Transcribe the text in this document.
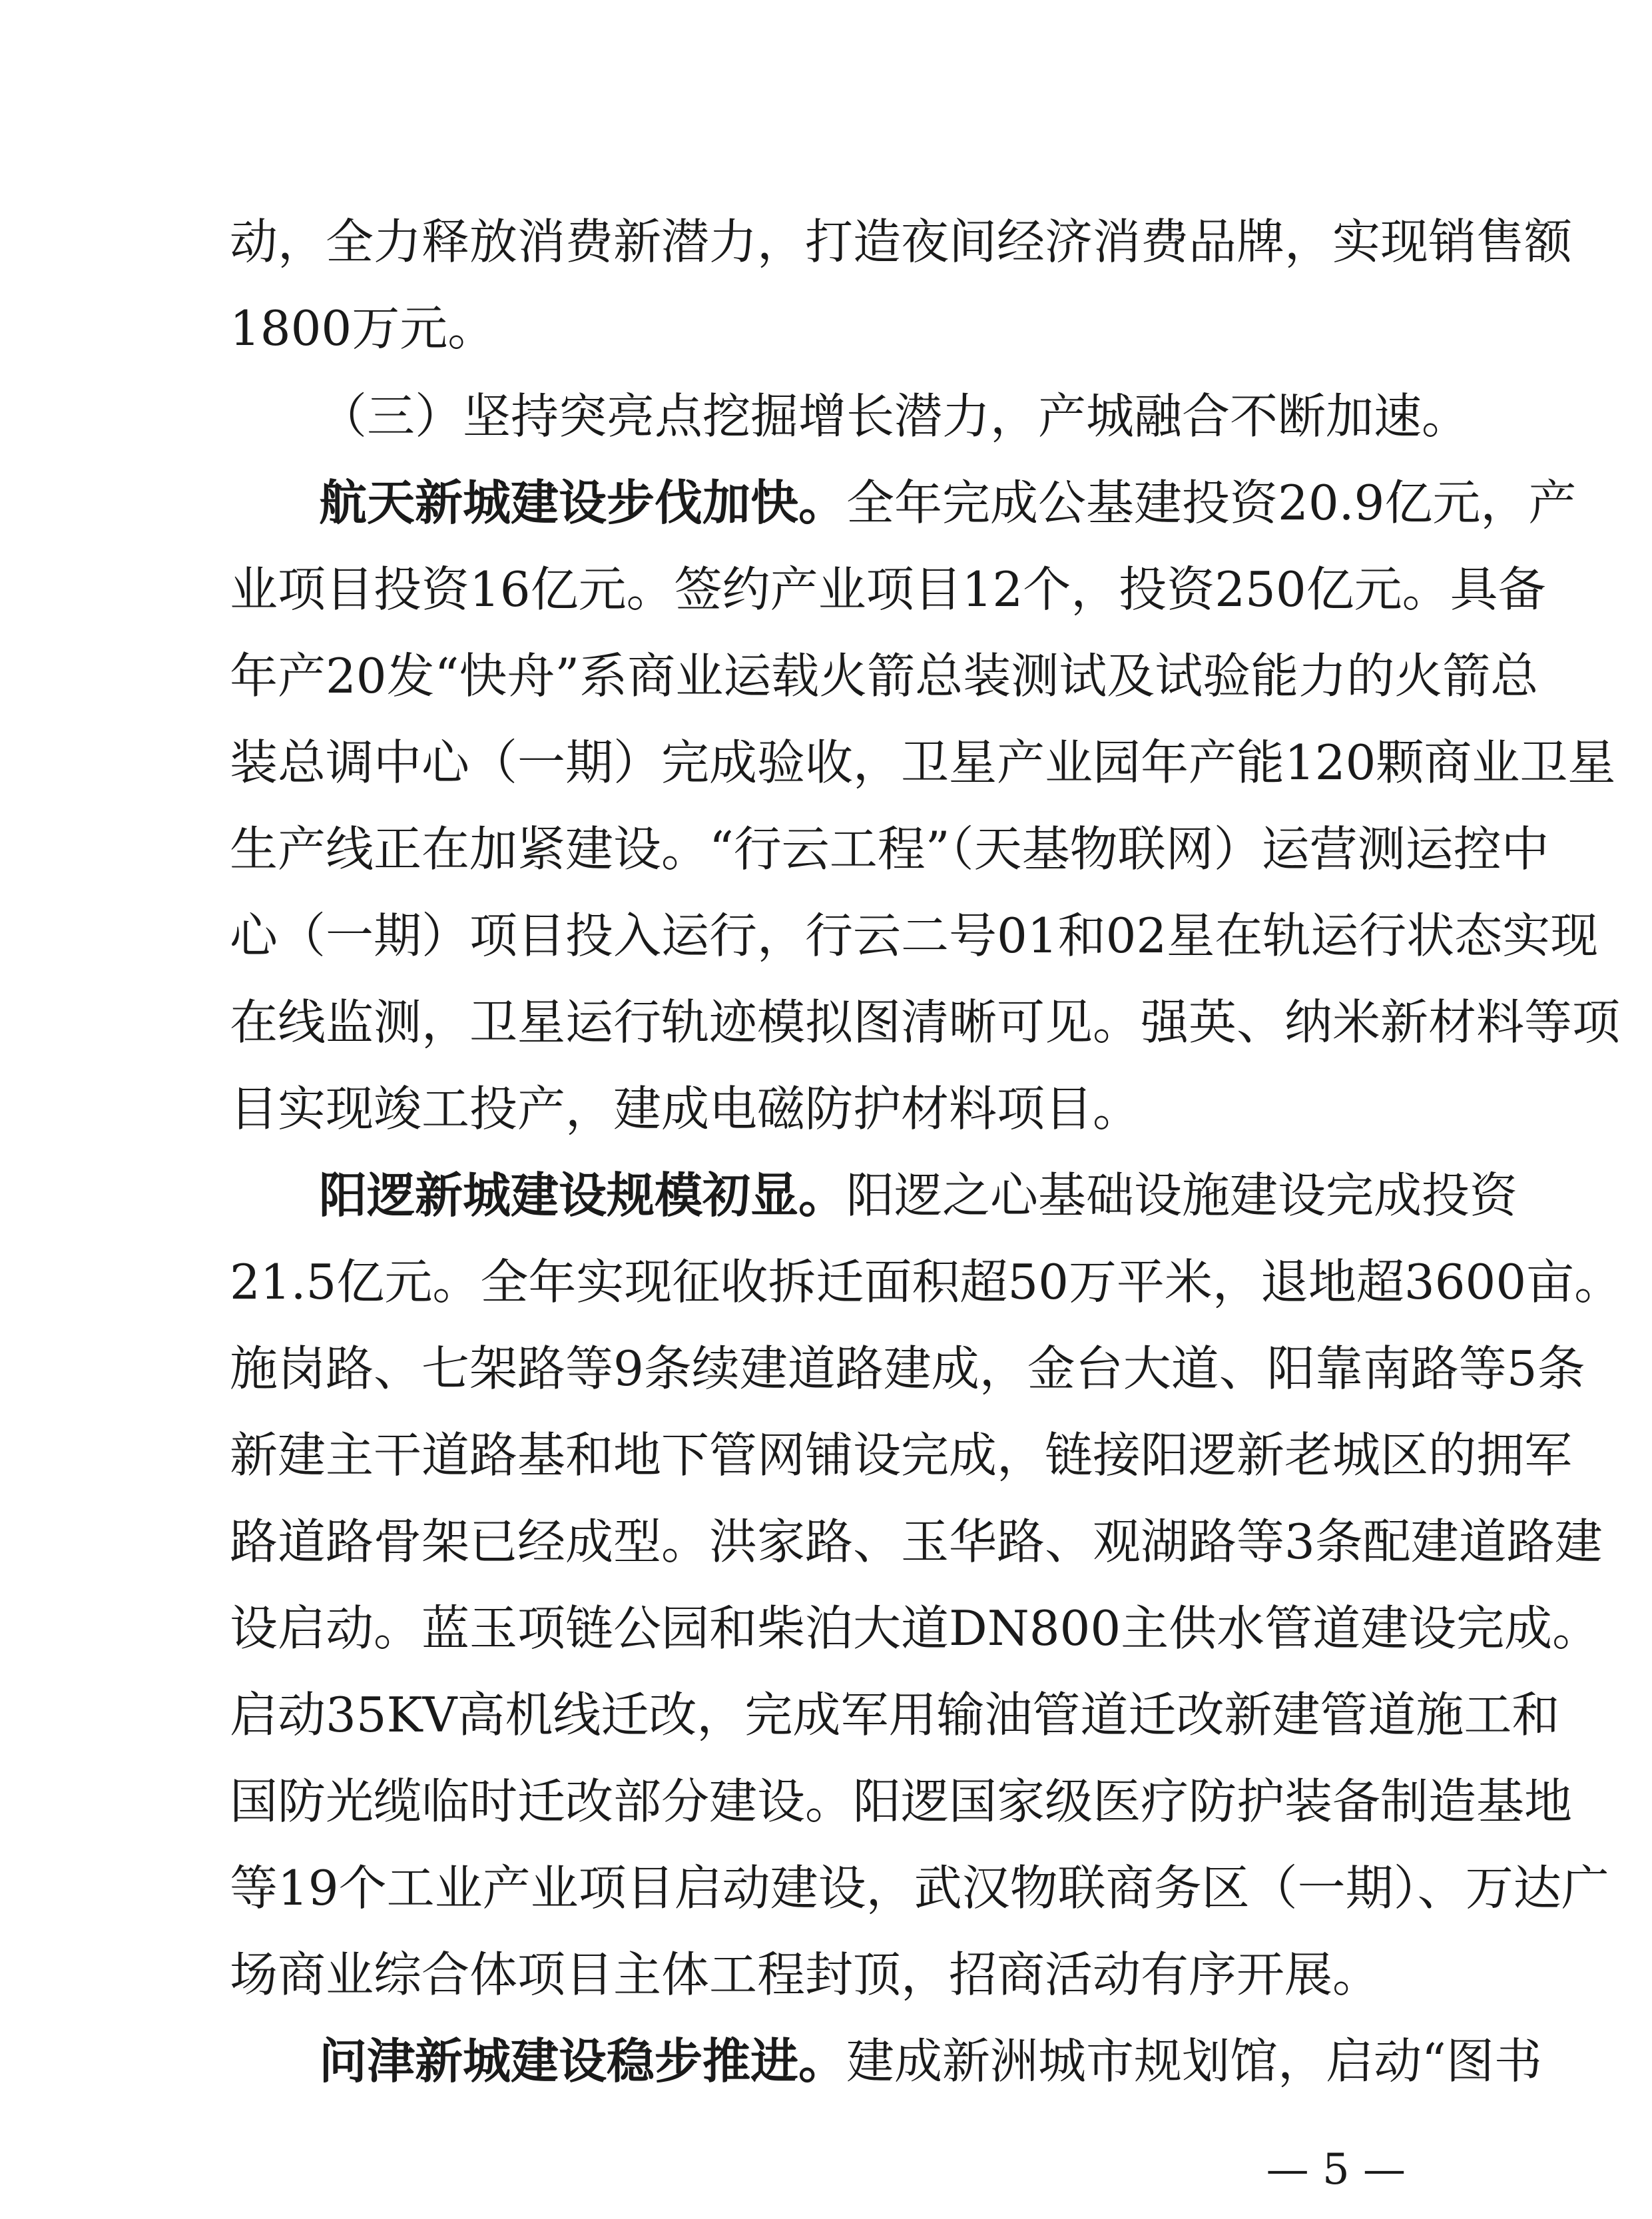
动，全力释放消费新潜力，打造夜间经济消费品牌，实现销售额
1800万元。
（三）坚持突亮点挖掘增长潜力，产城融合不断加速。
航天新城建设步伐加快。全年完成公基建投资20.9亿元，产
业项目投资16亿元。签约产业项目12个，投资250亿元。具备
年产20发“快舟”系商业运载火箭总装测试及试验能力的火箭总
装总调中心（一期）完成验收，卫星产业园年产能120颗商业卫星
生产线正在加紧建设。“行云工程”（天基物联网）运营测运控中
心（一期）项目投入运行，行云二号01和02星在轨运行状态实现
在线监测，卫星运行轨迹模拟图清晰可见。强英、纳米新材料等项
目实现竣工投产，建成电磁防护材料项目。
阳逻新城建设规模初显。阳逻之心基础设施建设完成投资
21.5亿元。全年实现征收拆迁面积超50万平米，退地超3600亩。
施岗路、七架路等9条续建道路建成，金台大道、阳靠南路等5条
新建主干道路基和地下管网铺设完成，链接阳逻新老城区的拥军
路道路骨架已经成型。洪家路、玉华路、观湖路等3条配建道路建
设启动。蓝玉项链公园和柴泊大道DN800主供水管道建设完成。
启动35KV高机线迁改，完成军用输油管道迁改新建管道施工和
国防光缆临时迁改部分建设。阳逻国家级医疗防护装备制造基地
等19个工业产业项目启动建设，武汉物联商务区（一期）、万达广
场商业综合体项目主体工程封顶，招商活动有序开展。
问津新城建设稳步推进。建成新洲城市规划馆，启动“图书
— 5 —
